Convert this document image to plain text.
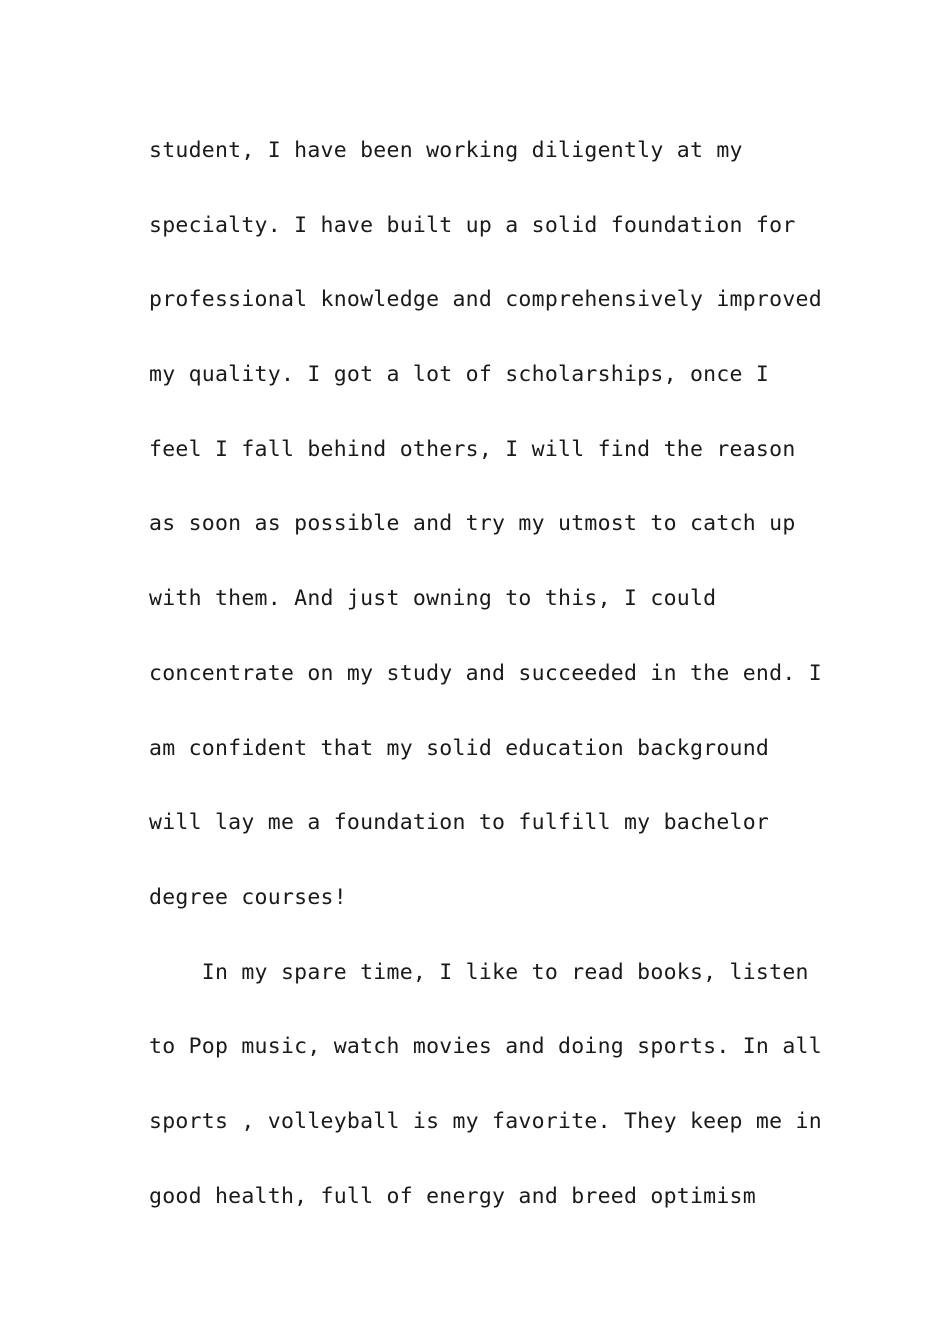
student, I have been working diligently at my
specialty. I have built up a solid foundation for
professional knowledge and comprehensively improved
my quality. I got a lot of scholarships, once I
feel I fall behind others, I will find the reason
as soon as possible and try my utmost to catch up
with them. And just owning to this, I could
concentrate on my study and succeeded in the end. I
am confident that my solid education background
will lay me a foundation to fulfill my bachelor
degree courses!
In my spare time, I like to read books, listen
to Pop music, watch movies and doing sports. In all
sports , volleyball is my favorite. They keep me in
good health, full of energy and breed optimism
